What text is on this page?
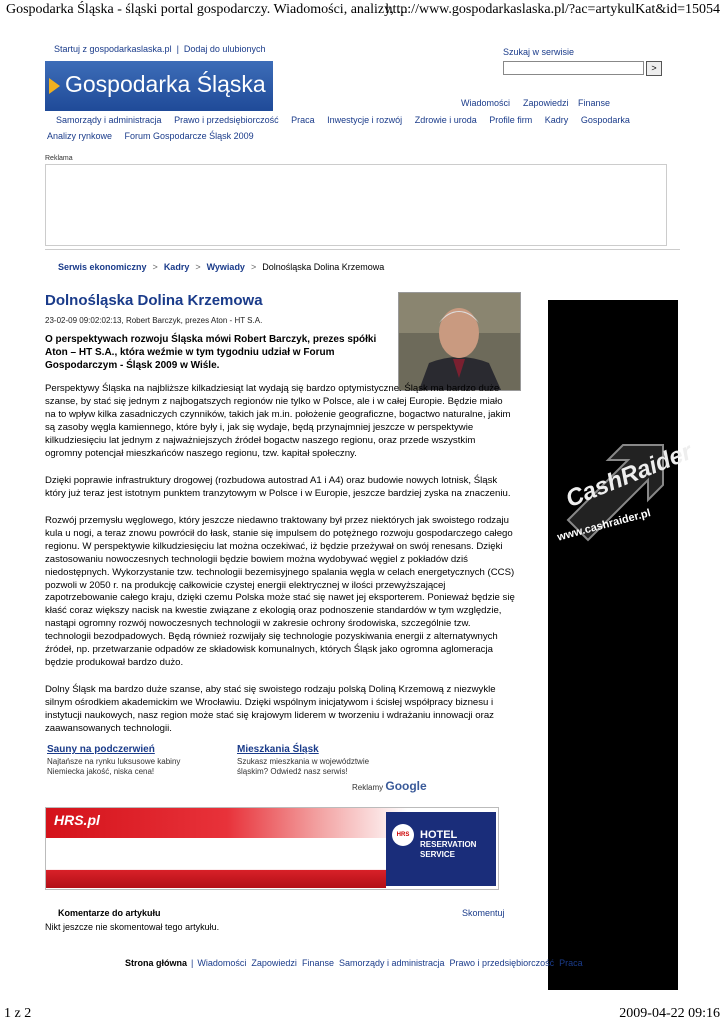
Gospodarka Śląska - śląski portal gospodarczy. Wiadomości, analizy, ...
http://www.gospodarkaslaska.pl/?ac=artykulKat&id=15054
Startuj z gospodarkaslaska.pl | Dodaj do ulubionych	Szukaj w serwisie
>
Gospodarka Śląska
Wiadomości Zapowiedzi Finanse
Samorządy i administracja Prawo i przedsiębiorczość Praca Inwestycje i rozwój Zdrowie i uroda Profile firm Kadry Gospodarka
Analizy rynkowe Forum Gospodarcze Śląsk 2009
Reklama
Serwis ekonomiczny > Kadry > Wywiady > Dolnośląska Dolina Krzemowa
Dolnośląska Dolina Krzemowa
23-02-09 09:02:02:13, Robert Barczyk, prezes Aton - HT S.A.
O perspektywach rozwoju Śląska mówi Robert Barczyk, prezes spółki Aton – HT S.A., która weźmie w tym tygodniu udział w Forum Gospodarczym - Śląsk 2009 w Wiśle.
Perspektywy Śląska na najbliższe kilkadziesiąt lat wydają się bardzo optymistyczne. Śląsk ma bardzo duże szanse, by stać się jednym z najbogatszych regionów nie tylko w Polsce, ale i w całej Europie. Będzie miało na to wpływ kilka zasadniczych czynników, takich jak m.in. położenie geograficzne, bogactwo naturalne, jakim są zasoby węgla kamiennego, które były i, jak się wydaje, będą przynajmniej jeszcze w perspektywie kilkudziesięciu lat jednym z najważniejszych źródeł bogactw naszego regionu, oraz przede wszystkim ogromny potencjał mieszkańców naszego regionu, tzw. kapitał społeczny.
Dzięki poprawie infrastruktury drogowej (rozbudowa autostrad A1 i A4) oraz budowie nowych lotnisk, Śląsk który już teraz jest istotnym punktem tranzytowym w Polsce i w Europie, jeszcze bardziej zyska na znaczeniu.
Rozwój przemysłu węglowego, który jeszcze niedawno traktowany był przez niektórych jak swoistego rodzaju kula u nogi, a teraz znowu powrócił do łask, stanie się impulsem do potężnego rozwoju gospodarczego całego regionu. W perspektywie kilkudziesięciu lat można oczekiwać, iż będzie przeżywał on swój renesans. Dzięki zastosowaniu nowoczesnych technologii będzie bowiem można wydobywać węgiel z pokładów dziś niedostępnych. Wykorzystanie tzw. technologii bezemisyjnego spalania węgla w celach energetycznych (CCS) pozwoli w 2050 r. na produkcję całkowicie czystej energii elektrycznej w ilości przewyższającej zapotrzebowanie całego kraju, dzięki czemu Polska może stać się nawet jej eksporterem. Ponieważ będzie się kłaść coraz większy nacisk na kwestie związane z ekologią oraz podnoszenie standardów w tym względzie, nastąpi ogromny rozwój nowoczesnych technologii w zakresie ochrony środowiska, szczególnie tzw. technologii bezodpadowych. Będą również rozwijały się technologie pozyskiwania energii z alternatywnych źródeł, np. przetwarzanie odpadów ze składowisk komunalnych, których Śląsk jako ogromna aglomeracja będzie produkował bardzo dużo.
Dolny Śląsk ma bardzo duże szanse, aby stać się swoistego rodzaju polską Doliną Krzemową z niezwykle silnym ośrodkiem akademickim we Wrocławiu. Dzięki wspólnym inicjatywom i ścisłej współpracy biznesu i instytucji naukowych, nasz region może stać się krajowym liderem w tworzeniu i wdrażaniu innowacji oraz zaawansowanych technologii.
CashRaider
www.cashraider.pl
Sauny na podczerwień
Najtańsze na rynku luksusowe kabiny Niemiecka jakość, niska cena!
Mieszkania Śląsk
Szukasz mieszkania w województwie śląskim? Odwiedź nasz serwis!
Reklamy Google
HRS.pl
HRS HOTEL
RESERVATION
SERVICE
Komentarze do artykułu	Skomentuj
Nikt jeszcze nie skomentował tego artykułu.
Strona główna | Wiadomości Zapowiedzi Finanse Samorządy i administracja Prawo i przedsiębiorczość Praca
1 z 2	2009-04-22 09:16
